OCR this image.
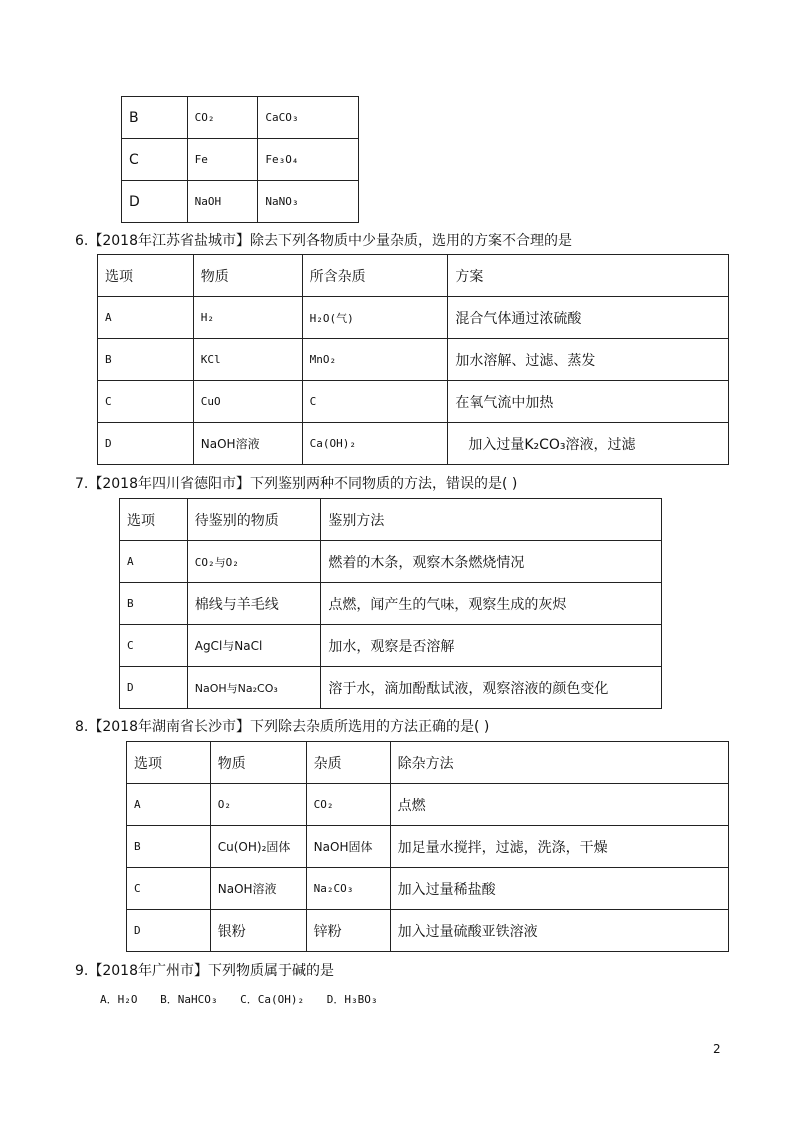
B	CO₂	CaCO₃
C	Fe	Fe₃O₄
D	NaOH	NaNO₃
6.【2018年江苏省盐城市】除去下列各物质中少量杂质，选用的方案不合理的是
选项	物质	所含杂质	方案
A	H₂	H₂O(气)	混合气体通过浓硫酸
B	KCl	MnO₂	加水溶解、过滤、蒸发
C	CuO	C	在氧气流中加热
D	NaOH溶液	Ca(OH)₂	加入过量K₂CO₃溶液，过滤
7.【2018年四川省德阳市】下列鉴别两种不同物质的方法，错误的是( )
选项	待鉴别的物质	鉴别方法
A	CO₂与O₂	燃着的木条，观察木条燃烧情况
B	棉线与羊毛线	点燃，闻产生的气味，观察生成的灰烬
C	AgCl与NaCl	加水，观察是否溶解
D	NaOH与Na₂CO₃	溶于水，滴加酚酞试液，观察溶液的颜色变化
8.【2018年湖南省长沙市】下列除去杂质所选用的方法正确的是( )
选项	物质	杂质	除杂方法
A	O₂	CO₂	点燃
B	Cu(OH)₂固体	NaOH固体	加足量水搅拌，过滤，洗涤，干燥
C	NaOH溶液	Na₂CO₃	加入过量稀盐酸
D	银粉	锌粉	加入过量硫酸亚铁溶液
9.【2018年广州市】下列物质属于碱的是
A．H₂O B．NaHCO₃ C．Ca(OH)₂ D．H₃BO₃
2
